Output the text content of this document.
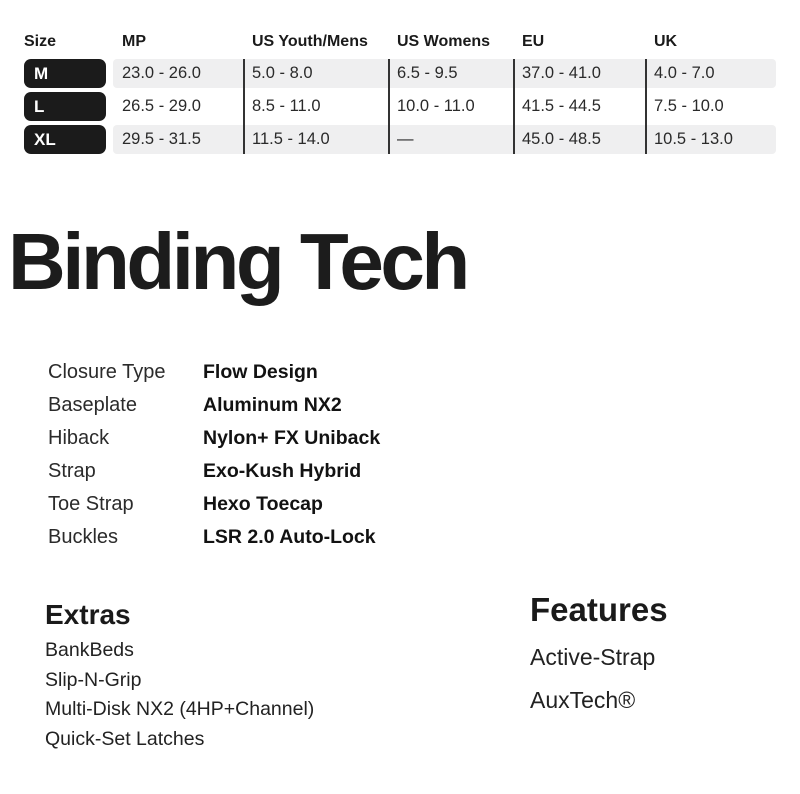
Size	MP	US Youth/Mens	US Womens	EU	UK
M	23.0 - 26.0	5.0 - 8.0	6.5 - 9.5	37.0 - 41.0	4.0 - 7.0
L	26.5 - 29.0	8.5 - 11.0	10.0 - 11.0	41.5 - 44.5	7.5 - 10.0
XL	29.5 - 31.5	11.5 - 14.0	—	45.0 - 48.5	10.5 - 13.0
Binding Tech
Closure Type	Flow Design
Baseplate	Aluminum NX2
Hiback	Nylon+ FX Uniback
Strap	Exo-Kush Hybrid
Toe Strap	Hexo Toecap
Buckles	LSR 2.0 Auto-Lock
Extras
BankBeds
Slip-N-Grip
Multi-Disk NX2 (4HP+Channel)
Quick-Set Latches
Features
Active-Strap
AuxTech®
